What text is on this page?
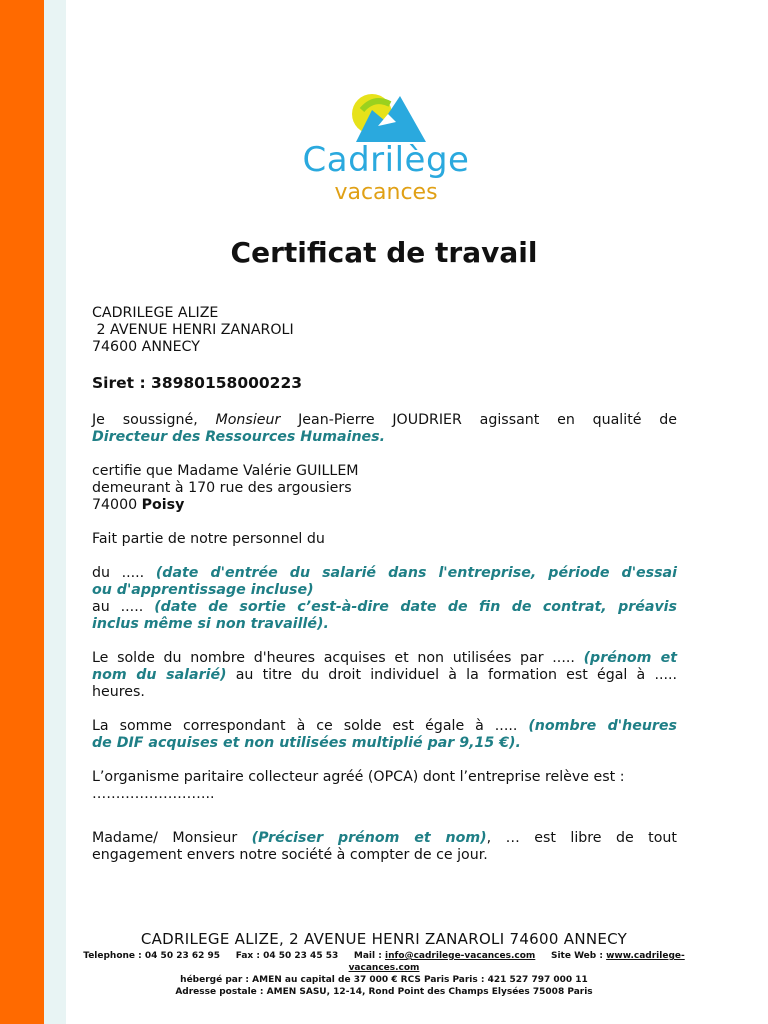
Cadrilège
vacances
Certificat de travail

CADRILEGE ALIZE

2 AVENUE HENRI ZANAROLI

74600 ANNECY

Siret : 38980158000223

Je soussigné, Monsieur Jean-Pierre JOUDRIER agissant en qualité de

Directeur des Ressources Humaines.

certifie que Madame Valérie GUILLEM

demeurant à 170 rue des argousiers

74000 Poisy

Fait partie de notre personnel du

du ..... (date d'entrée du salarié dans l'entreprise, période d'essai

ou d'apprentissage incluse)

au ..... (date de sortie c’est-à-dire date de fin de contrat, préavis

inclus même si non travaillé).

Le solde du nombre d'heures acquises et non utilisées par ..... (prénom et

nom du salarié) au titre du droit individuel à la formation est égal à .....

heures.

La somme correspondant à ce solde est égale à ..... (nombre d'heures

de DIF acquises et non utilisées multiplié par 9,15 €).

L’organisme paritaire collecteur agréé (OPCA) dont l’entreprise relève est :

……………………..

Madame/ Monsieur (Préciser prénom et nom), … est libre de tout

engagement envers notre société à compter de ce jour.

CADRILEGE ALIZE, 2 AVENUE HENRI ZANAROLI 74600 ANNECY
Telephone : 04 50 23 62 95     Fax : 04 50 23 45 53     Mail : info@cadrilege-vacances.com     Site Web : www.cadrilege-
vacances.com
hébergé par : AMEN au capital de 37 000 € RCS Paris Paris : 421 527 797 000 11
Adresse postale : AMEN SASU, 12-14, Rond Point des Champs Elysées 75008 Paris
